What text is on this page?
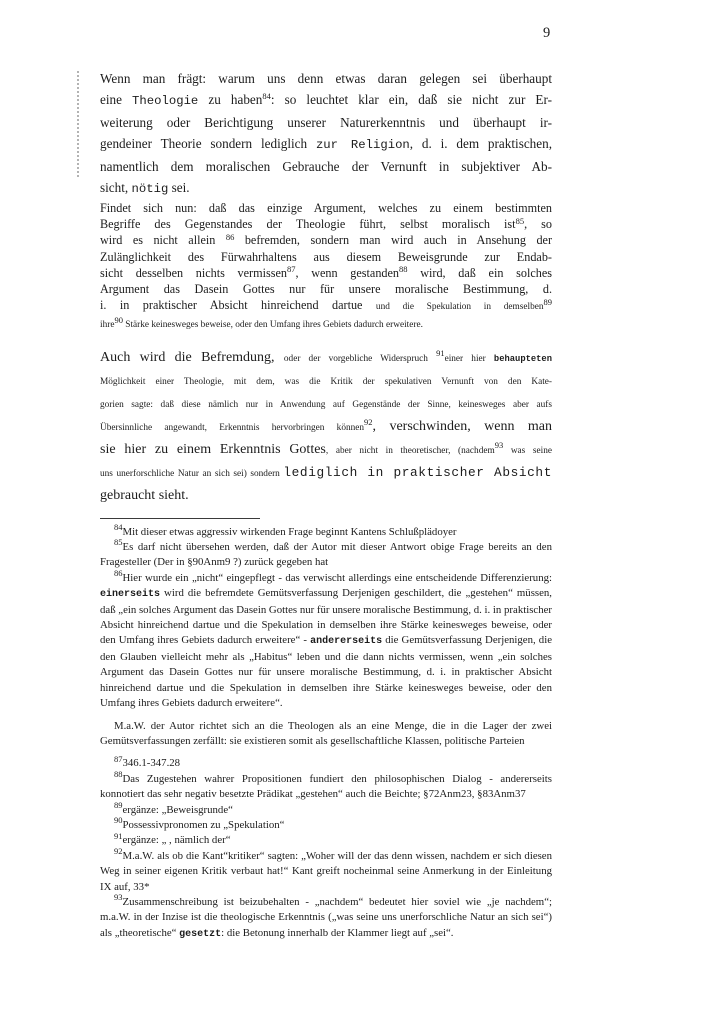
9
Wenn man frägt: warum uns denn etwas daran gelegen sei überhaupt
eine Theologie zu haben$^{84}$: so leuchtet klar ein, daß sie nicht zur Er-
weiterung oder Berichtigung unserer Naturerkenntnis und überhaupt ir-
gendeiner Theorie sondern lediglich zur Religion, d. i. dem praktischen,
namentlich dem moralischen Gebrauche der Vernunft in subjektiver Ab-
sicht, nötig sei.
Findet sich nun: daß das einzige Argument, welches zu einem bestimmten
Begriffe des Gegenstandes der Theologie führt, selbst moralisch ist$^{85}$, so
wird es nicht allein $^{86}$ befremden, sondern man wird auch in Ansehung der
Zulänglichkeit des Fürwahrhaltens aus diesem Beweisgrunde zur Endab-
sicht desselben nichts vermissen$^{87}$, wenn gestanden$^{88}$ wird, daß ein solches
Argument das Dasein Gottes nur für unsere moralische Bestimmung, d.
i. in praktischer Absicht hinreichend dartue und die Spekulation in demselben$^{89}$
ihre$^{90}$ Stärke keinesweges beweise, oder den Umfang ihres Gebiets dadurch erweitere.
Auch wird die Befremdung, oder der vorgebliche Widerspruch $^{91}$einer hier behaupteten
Möglichkeit einer Theologie, mit dem, was die Kritik der spekulativen Vernunft von den Kate-
gorien sagte: daß diese nämlich nur in Anwendung auf Gegenstände der Sinne, keinesweges aber aufs
Übersinnliche angewandt, Erkenntnis hervorbringen können$^{92}$, verschwinden, wenn man
sie hier zu einem Erkenntnis Gottes, aber nicht in theoretischer, (nachdem$^{93}$ was seine
uns unerforschliche Natur an sich sei) sondern lediglich in praktischer Absicht
gebraucht sieht.

$^{84}$Mit dieser etwas aggressiv wirkenden Frage beginnt Kantens Schlußplädoyer

$^{85}$Es darf nicht übersehen werden, daß der Autor mit dieser Antwort obige Frage bereits an den Fragesteller (Der in §90Anm9 ?) zurück gegeben hat

$^{86}$Hier wurde ein „nicht“ eingepflegt - das verwischt allerdings eine entscheidende Differenzierung: einerseits wird die befremdete Gemütsverfassung Derjenigen geschildert, die „gestehen“ müssen, daß „ein solches Argument das Dasein Gottes nur für unsere moralische Bestimmung, d. i. in praktischer Absicht hinreichend dartue und die Spekulation in demselben ihre Stärke keinesweges beweise, oder den Umfang ihres Gebiets dadurch erweitere“ - andererseits die Gemütsverfassung Derjenigen, die den Glauben vielleicht mehr als „Habitus“ leben und die dann nichts vermissen, wenn „ein solches Argument das Dasein Gottes nur für unsere moralische Bestimmung, d. i. in praktischer Absicht hinreichend dartue und die Spekulation in demselben ihre Stärke keinesweges beweise, oder den Umfang ihres Gebiets dadurch erweitere“.

M.a.W. der Autor richtet sich an die Theologen als an eine Menge, die in die Lager der zwei Gemütsverfassungen zerfällt: sie existieren somit als gesellschaftliche Klassen, politische Parteien

$^{87}$346.1-347.28

$^{88}$Das Zugestehen wahrer Propositionen fundiert den philosophischen Dialog - andererseits konnotiert das sehr negativ besetzte Prädikat „gestehen“ auch die Beichte; §72Anm23, §83Anm37

$^{89}$ergänze: „Beweisgrunde“

$^{90}$Possessivpronomen zu „Spekulation“

$^{91}$ergänze: „ , nämlich der“

$^{92}$M.a.W. als ob die Kant“kritiker“ sagten: „Woher will der das denn wissen, nachdem er sich diesen Weg in seiner eigenen Kritik verbaut hat!“ Kant greift nocheinmal seine Anmerkung in der Einleitung IX auf, 33*

$^{93}$Zusammenschreibung ist beizubehalten - „nachdem“ bedeutet hier soviel wie „je nachdem“; m.a.W. in der Inzise ist die theologische Erkenntnis („was seine uns unerforschliche Natur an sich sei“) als „theoretische“ gesetzt: die Betonung innerhalb der Klammer liegt auf „sei“.
